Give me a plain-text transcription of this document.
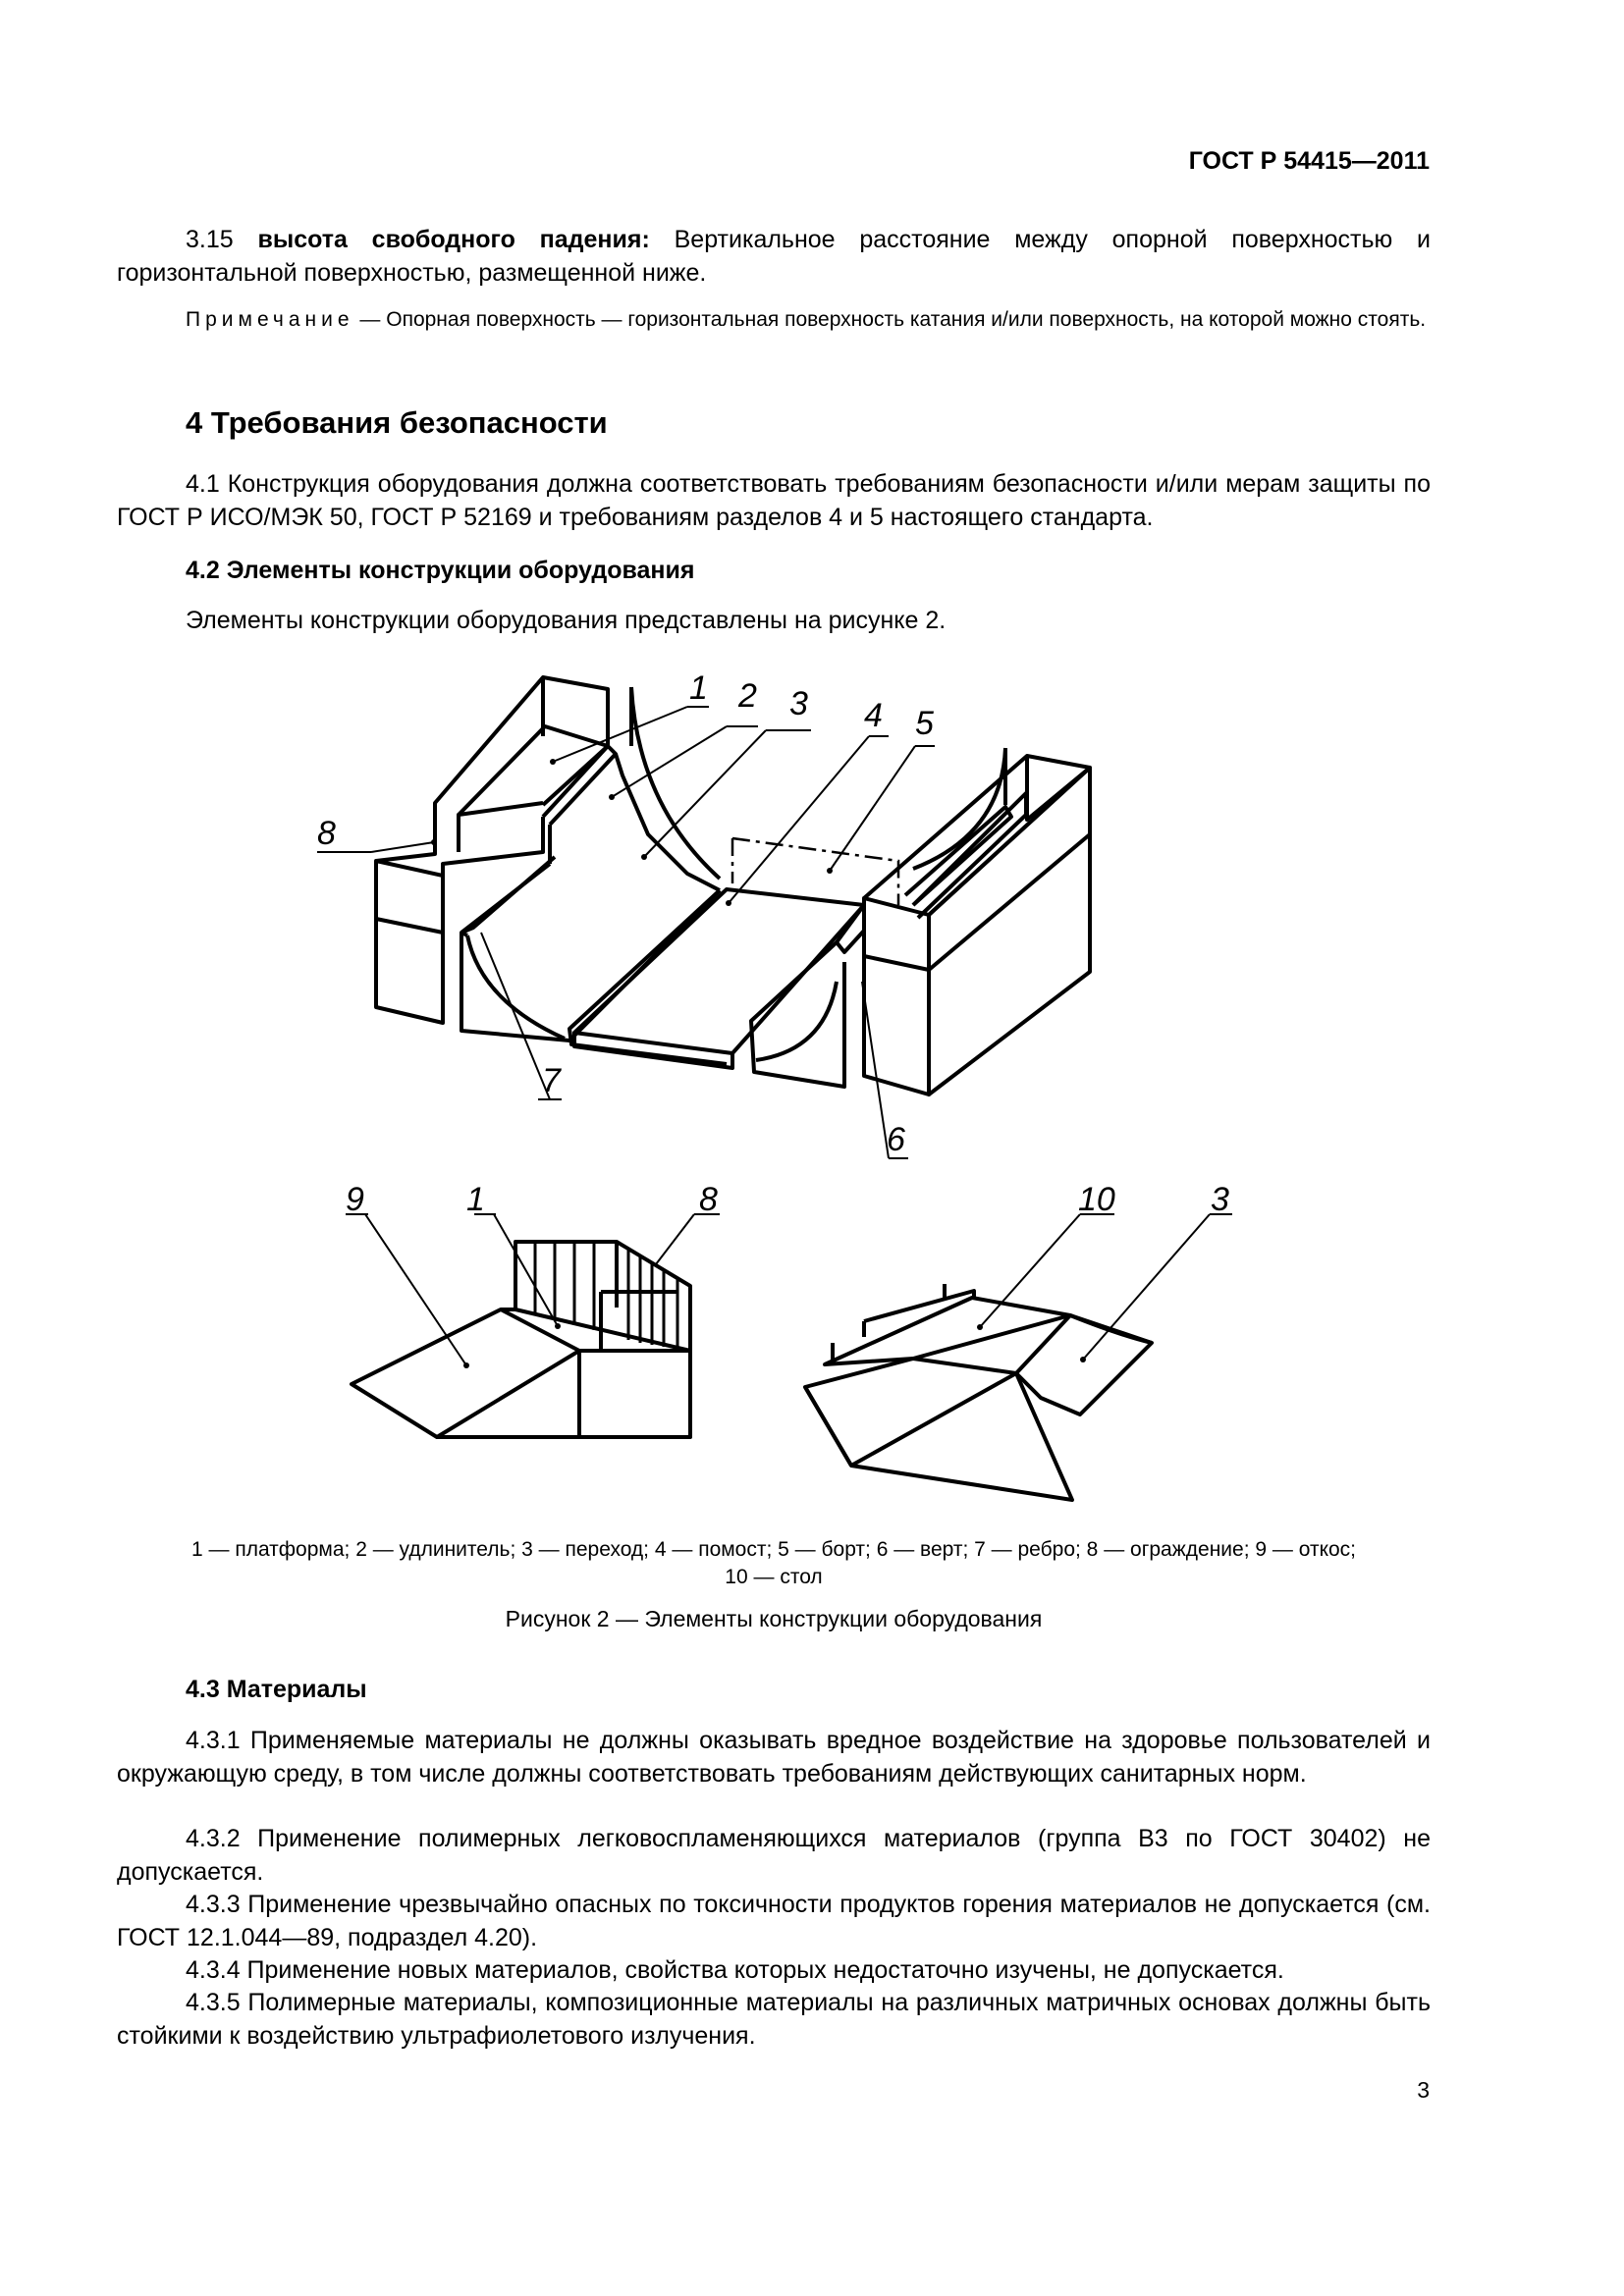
ГОСТ Р 54415—2011
3.15 высота свободного падения: Вертикальное расстояние между опорной поверхностью и горизонтальной поверхностью, размещенной ниже.
Примечание — Опорная поверхность — горизонтальная поверхность катания и/или поверхность, на которой можно стоять.
4 Требования безопасности
4.1 Конструкция оборудования должна соответствовать требованиям безопасности и/или мерам защиты по ГОСТ Р ИСО/МЭК 50, ГОСТ Р 52169 и требованиям разделов 4 и 5 настоящего стандарта.
4.2 Элементы конструкции оборудования
Элементы конструкции оборудования представлены на рисунке 2.
1 2 3 4 5
6
7
8
9	1	8	10	3
1 — платформа; 2 — удлинитель; 3 — переход; 4 — помост; 5 — борт; 6 — верт; 7 — ребро; 8 — ограждение; 9 — откос;
10 — стол
Рисунок 2 — Элементы конструкции оборудования
4.3 Материалы
4.3.1 Применяемые материалы не должны оказывать вредное воздействие на здоровье пользователей и окружающую среду, в том числе должны соответствовать требованиям действующих санитарных норм.
4.3.2 Применение полимерных легковоспламеняющихся материалов (группа В3 по ГОСТ 30402) не допускается.
4.3.3 Применение чрезвычайно опасных по токсичности продуктов горения материалов не допускается (см. ГОСТ 12.1.044—89, подраздел 4.20).
4.3.4 Применение новых материалов, свойства которых недостаточно изучены, не допускается.
4.3.5 Полимерные материалы, композиционные материалы на различных матричных основах должны быть стойкими к воздействию ультрафиолетового излучения.
3
